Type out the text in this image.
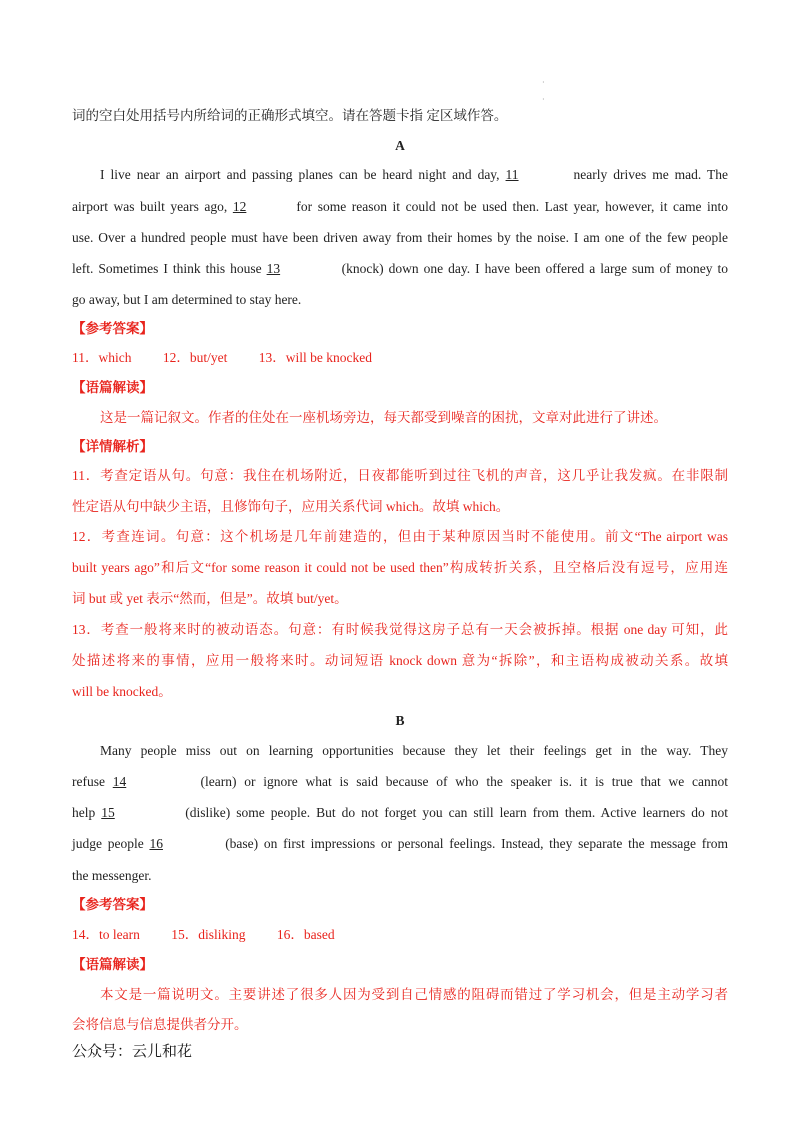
·
·
词的空白处用括号内所给词的正确形式填空。请在答题卡指 定区域作答。
A
I live near an airport and passing planes can be heard night and day, 11	nearly drives me mad. The
airport was built years ago, 12	for some reason it could not be used then. Last year, however, it came into
use. Over a hundred people must have been driven away from their homes by the noise. I am one of the few people
left. Sometimes I think this house 13	(knock) down one day. I have been offered a large sum of money to
go away, but I am determined to stay here.
【参考答案】
11．which 12．but/yet 13．will be knocked
【语篇解读】
这是一篇记叙文。作者的住处在一座机场旁边，每天都受到噪音的困扰，文章对此进行了讲述。
【详情解析】
11．考查定语从句。句意：我住在机场附近，日夜都能听到过往飞机的声音，这几乎让我发疯。在非限制
性定语从句中缺少主语，且修饰句子，应用关系代词 which。故填 which。
12．考查连词。句意：这个机场是几年前建造的，但由于某种原因当时不能使用。前文“The airport was
built years ago”和后文“for some reason it could not be used then”构成转折关系，且空格后没有逗号，应用连
词 but 或 yet 表示“然而，但是”。故填 but/yet。
13．考查一般将来时的被动语态。句意：有时候我觉得这房子总有一天会被拆掉。根据 one day 可知，此
处描述将来的事情，应用一般将来时。动词短语 knock down 意为“拆除”，和主语构成被动关系。故填
will be knocked。
B
Many people miss out on learning opportunities because they let their feelings get in the way. They
refuse 14	(learn) or ignore what is said because of who the speaker is. it is true that we cannot
help 15	(dislike) some people. But do not forget you can still learn from them. Active learners do not
judge people 16	(base) on first impressions or personal feelings. Instead, they separate the message from
the messenger.
【参考答案】
14．to learn 15．disliking 16．based
【语篇解读】
本文是一篇说明文。主要讲述了很多人因为受到自己情感的阻碍而错过了学习机会，但是主动学习者
会将信息与信息提供者分开。
公众号：云儿和花
